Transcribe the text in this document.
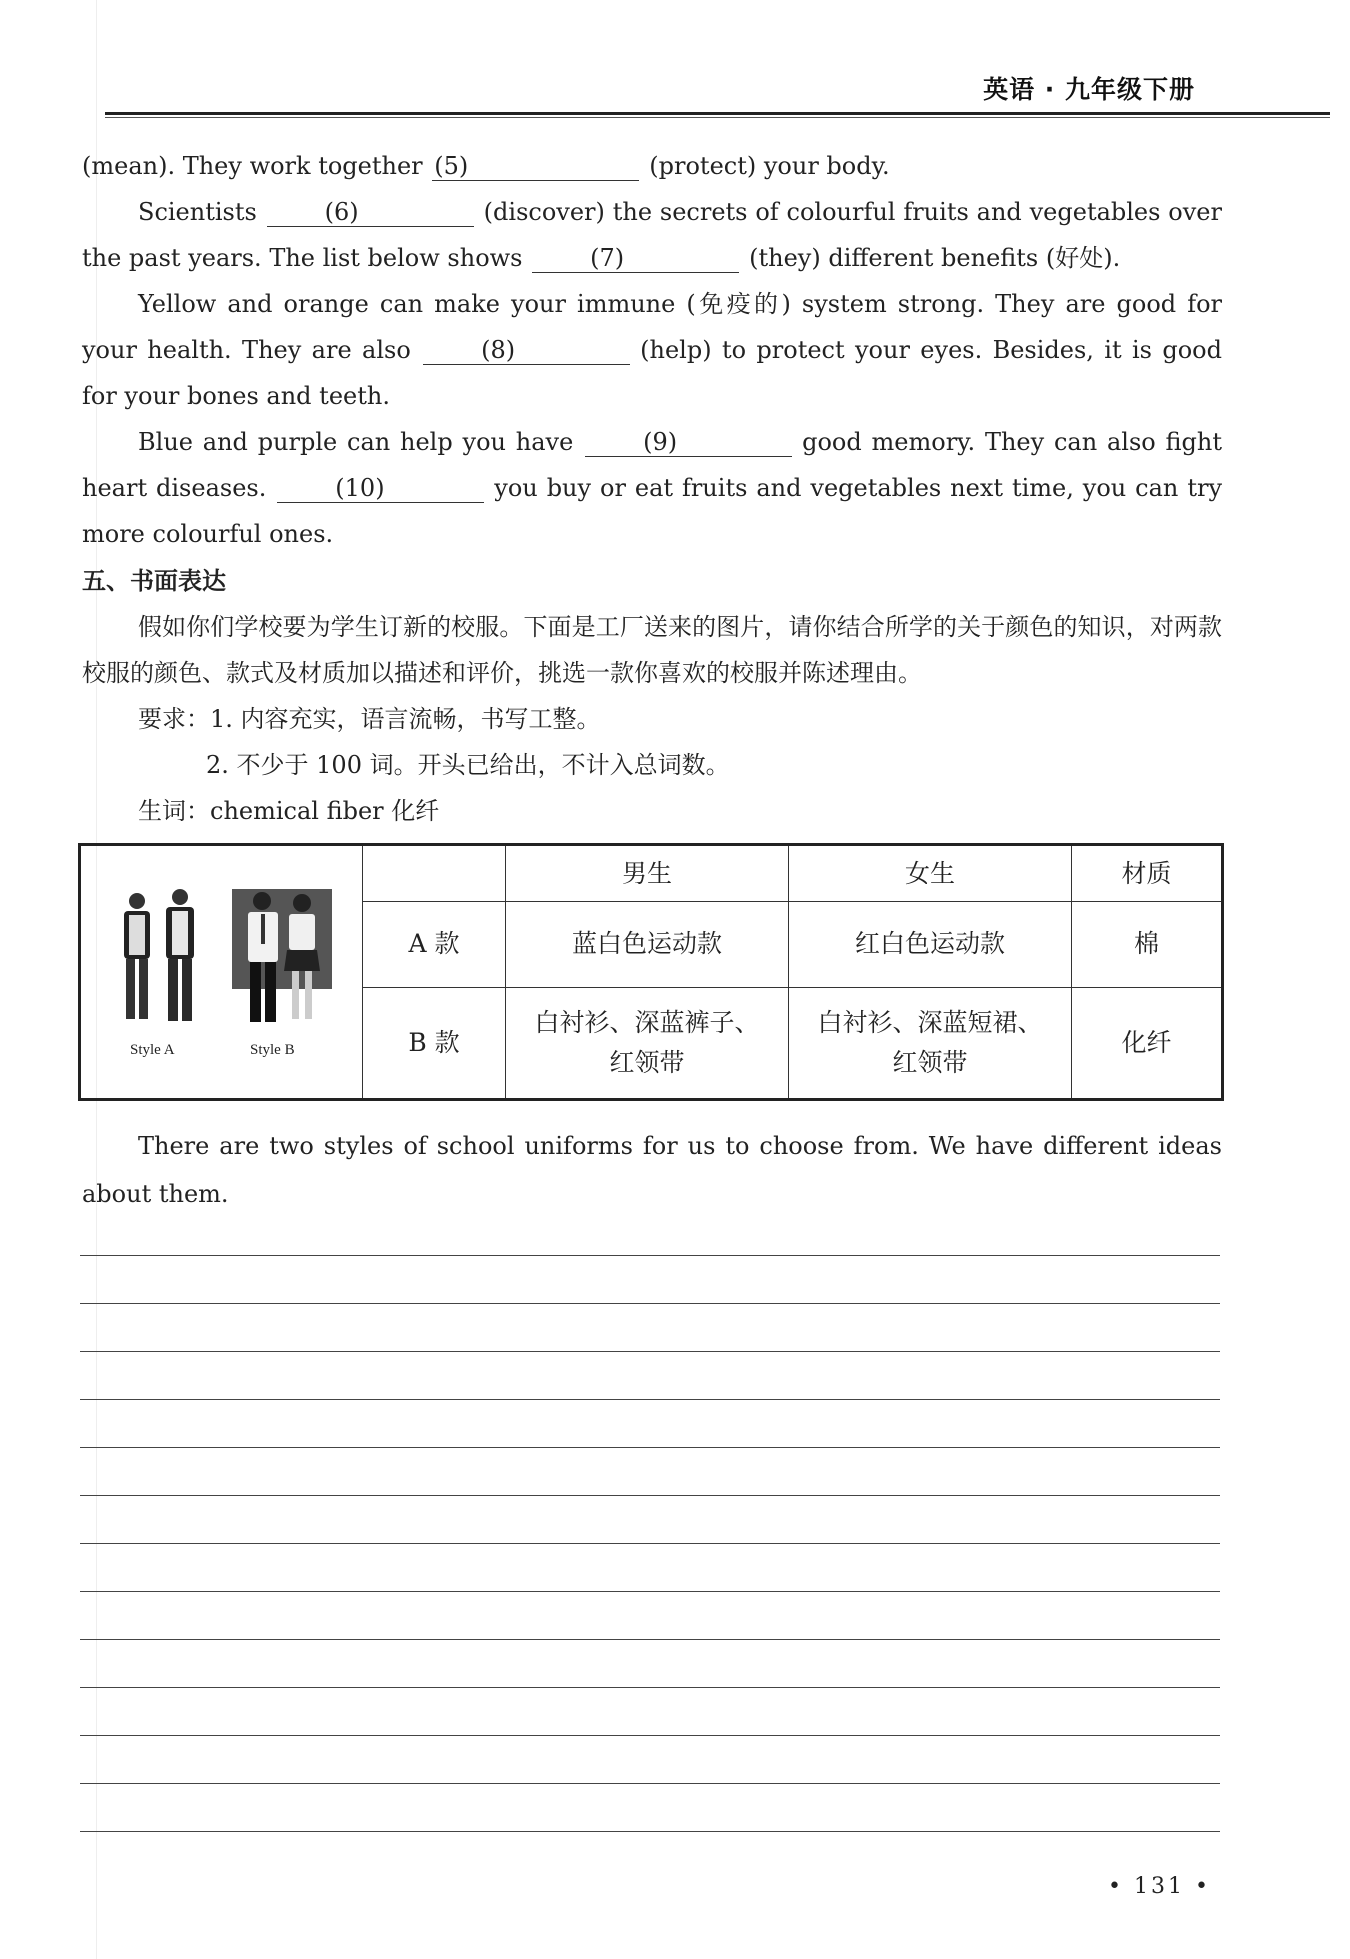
英语 · 九年级下册

(mean). They work together (5)	(protect) your body.

Scientists	(6)	(discover) the secrets of colourful fruits and vegetables over the past years. The list below shows	(7)	(they) different benefits (好处).

Yellow and orange can make your immune (免疫的) system strong. They are good for your health. They are also	(8)	(help) to protect your eyes. Besides, it is good for your bones and teeth.

Blue and purple can help you have	(9)	good memory. They can also fight heart diseases.	(10)	you buy or eat fruits and vegetables next time, you can try more colourful ones.

五、书面表达

假如你们学校要为学生订新的校服。下面是工厂送来的图片，请你结合所学的关于颜色的知识，对两款校服的颜色、款式及材质加以描述和评价，挑选一款你喜欢的校服并陈述理由。

要求：1. 内容充实，语言流畅，书写工整。

2. 不少于 100 词。开头已给出，不计入总词数。

生词：chemical fiber 化纤

Style A Style B		男生	女生	材质
	A 款	蓝白色运动款	红白色运动款	棉
	B 款	白衬衫、深蓝裤子、红领带	白衬衫、深蓝短裙、红领带	化纤

There are two styles of school uniforms for us to choose from. We have different ideas about them.

• 131 •
